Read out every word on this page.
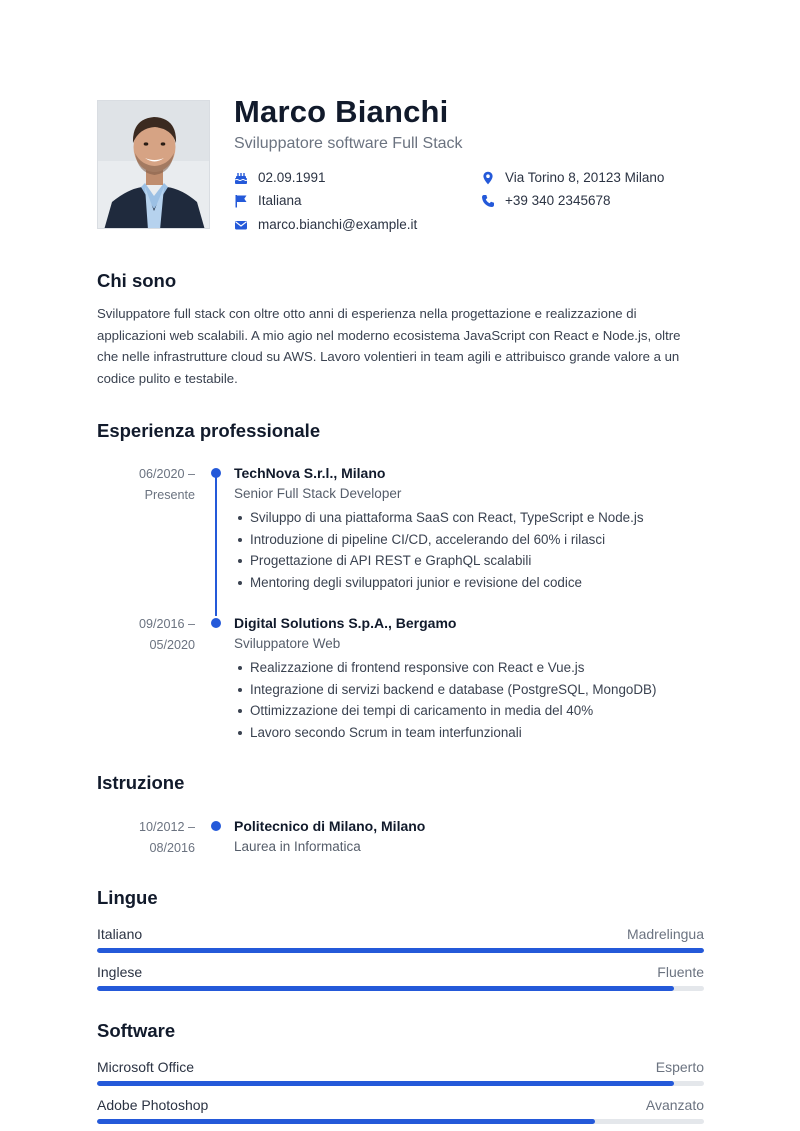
Marco Bianchi

Sviluppatore software Full Stack

02.09.1991	Via Torino 8, 20123 Milano
Italiana	+39 340 2345678
marco.bianchi@example.it
Chi sono

Sviluppatore full stack con oltre otto anni di esperienza nella progettazione e realizzazione di applicazioni web scalabili. A mio agio nel moderno ecosistema JavaScript con React e Node.js, oltre che nelle infrastrutture cloud su AWS. Lavoro volentieri in team agili e attribuisco grande valore a un codice pulito e testabile.

Esperienza professionale
06/2020 –
Presente

TechNova S.r.l., Milano

Senior Full Stack Developer

Sviluppo di una piattaforma SaaS con React, TypeScript e Node.js
Introduzione di pipeline CI/CD, accelerando del 60% i rilasci
Progettazione di API REST e GraphQL scalabili
Mentoring degli sviluppatori junior e revisione del codice
09/2016 –
05/2020

Digital Solutions S.p.A., Bergamo

Sviluppatore Web

Realizzazione di frontend responsive con React e Vue.js
Integrazione di servizi backend e database (PostgreSQL, MongoDB)
Ottimizzazione dei tempi di caricamento in media del 40%
Lavoro secondo Scrum in team interfunzionali
Istruzione
10/2012 –
08/2016

Politecnico di Milano, Milano

Laurea in Informatica

Lingue
Italiano	Madrelingua
Inglese	Fluente
Software
Microsoft Office	Esperto
Adobe Photoshop	Avanzato
